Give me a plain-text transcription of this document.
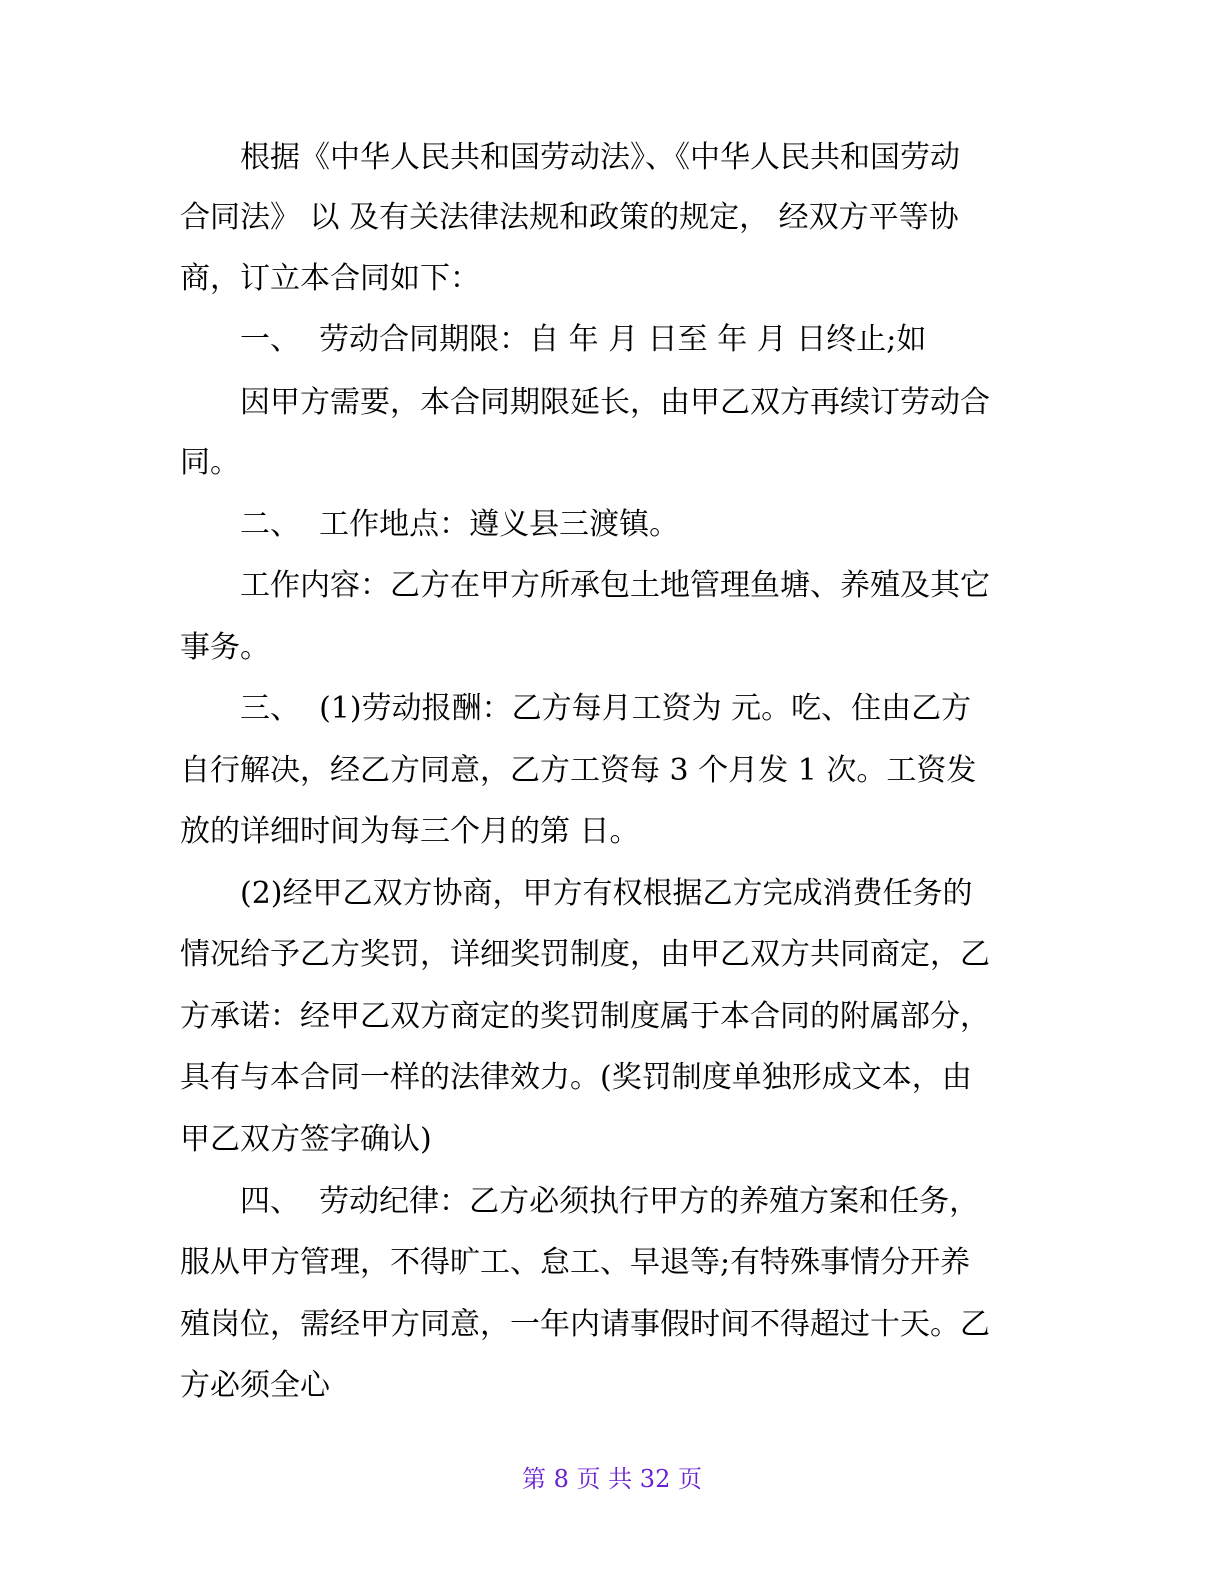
根据《中华人民共和国劳动法》、《中华人民共和国劳动
合同法》 以 及有关法律法规和政策的规定， 经双方平等协
商，订立本合同如下：
一、  劳动合同期限：自 年 月 日至 年 月 日终止;如
因甲方需要，本合同期限延长，由甲乙双方再续订劳动合
同。
二、  工作地点：遵义县三渡镇。
工作内容：乙方在甲方所承包土地管理鱼塘、养殖及其它
事务。
三、  (1)劳动报酬：乙方每月工资为 元。吃、住由乙方
自行解决，经乙方同意，乙方工资每 3 个月发 1 次。工资发
放的详细时间为每三个月的第 日。
(2)经甲乙双方协商，甲方有权根据乙方完成消费任务的
情况给予乙方奖罚，详细奖罚制度，由甲乙双方共同商定，乙
方承诺：经甲乙双方商定的奖罚制度属于本合同的附属部分，
具有与本合同一样的法律效力。(奖罚制度单独形成文本，由
甲乙双方签字确认)
四、  劳动纪律：乙方必须执行甲方的养殖方案和任务，
服从甲方管理，不得旷工、怠工、早退等;有特殊事情分开养
殖岗位，需经甲方同意，一年内请事假时间不得超过十天。乙
方必须全心
第 8 页 共 32 页
